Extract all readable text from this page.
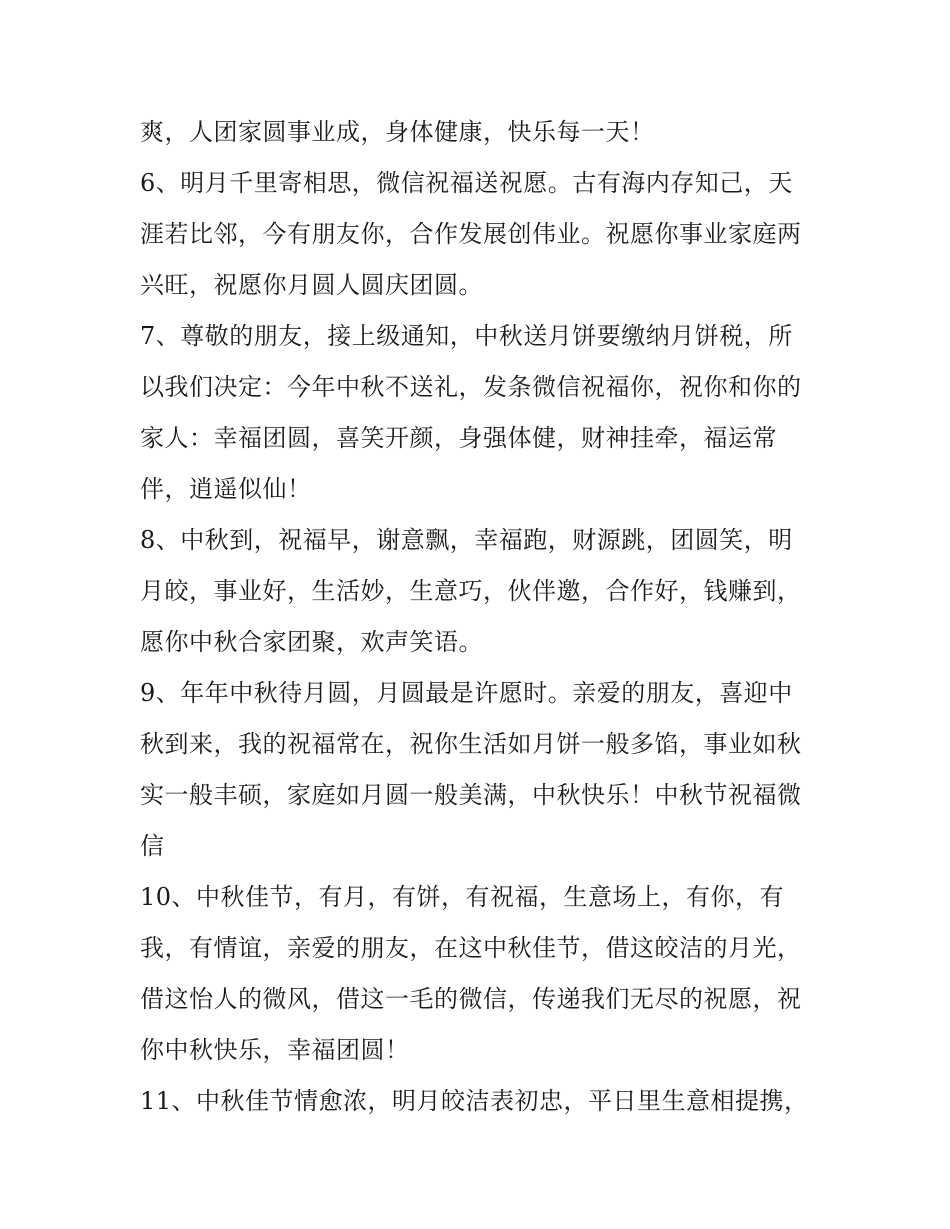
爽，人团家圆事业成，身体健康，快乐每一天！
6、明月千里寄相思，微信祝福送祝愿。古有海内存知己，天
涯若比邻，今有朋友你，合作发展创伟业。祝愿你事业家庭两
兴旺，祝愿你月圆人圆庆团圆。
7、尊敬的朋友，接上级通知，中秋送月饼要缴纳月饼税，所
以我们决定：今年中秋不送礼，发条微信祝福你，祝你和你的
家人：幸福团圆，喜笑开颜，身强体健，财神挂牵，福运常
伴，逍遥似仙！
8、中秋到，祝福早，谢意飘，幸福跑，财源跳，团圆笑，明
月皎，事业好，生活妙，生意巧，伙伴邀，合作好，钱赚到，
愿你中秋合家团聚，欢声笑语。
9、年年中秋待月圆，月圆最是许愿时。亲爱的朋友，喜迎中
秋到来，我的祝福常在，祝你生活如月饼一般多馅，事业如秋
实一般丰硕，家庭如月圆一般美满，中秋快乐！中秋节祝福微
信
10、中秋佳节，有月，有饼，有祝福，生意场上，有你，有
我，有情谊，亲爱的朋友，在这中秋佳节，借这皎洁的月光，
借这怡人的微风，借这一毛的微信，传递我们无尽的祝愿，祝
你中秋快乐，幸福团圆！
11、中秋佳节情愈浓，明月皎洁表初忠，平日里生意相提携，
